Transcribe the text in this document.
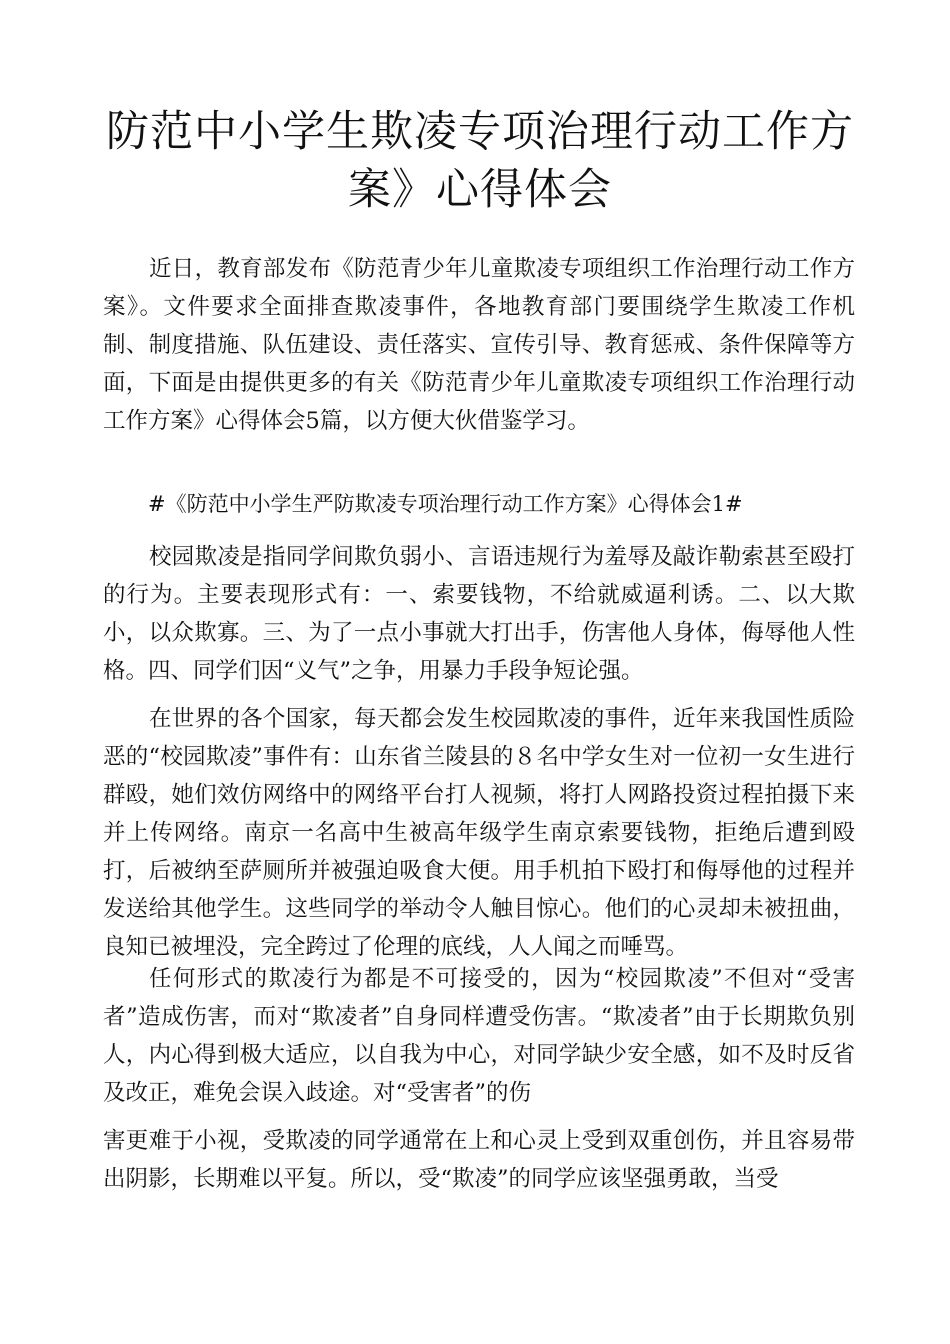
防范中小学生欺凌专项治理行动工作方
案》心得体会

近日，教育部发布《防范青少年儿童欺凌专项组织工作治理行动工作方案》。文件要求全面排查欺凌事件，各地教育部门要围绕学生欺凌工作机制、制度措施、队伍建设、责任落实、宣传引导、教育惩戒、条件保障等方面，下面是由提供更多的有关《防范青少年儿童欺凌专项组织工作治理行动工作方案》心得体会5篇，以方便大伙借鉴学习。

#《防范中小学生严防欺凌专项治理行动工作方案》心得体会1#

校园欺凌是指同学间欺负弱小、言语违规行为羞辱及敲诈勒索甚至殴打的行为。主要表现形式有：一、索要钱物，不给就威逼利诱。二、以大欺小，以众欺寡。三、为了一点小事就大打出手，伤害他人身体，侮辱他人性格。四、同学们因“义气”之争，用暴力手段争短论强。

在世界的各个国家，每天都会发生校园欺凌的事件，近年来我国性质险恶的“校园欺凌”事件有：山东省兰陵县的８名中学女生对一位初一女生进行群殴，她们效仿网络中的网络平台打人视频，将打人网路投资过程拍摄下来并上传网络。南京一名高中生被高年级学生南京索要钱物，拒绝后遭到殴打，后被纳至萨厕所并被强迫吸食大便。用手机拍下殴打和侮辱他的过程并发送给其他学生。这些同学的举动令人触目惊心。他们的心灵却未被扭曲，良知已被埋没，完全跨过了伦理的底线，人人闻之而唾骂。

任何形式的欺凌行为都是不可接受的，因为“校园欺凌”不但对“受害者”造成伤害，而对“欺凌者”自身同样遭受伤害。“欺凌者”由于长期欺负别人，内心得到极大适应，以自我为中心，对同学缺少安全感，如不及时反省及改正，难免会误入歧途。对“受害者”的伤

害更难于小视，受欺凌的同学通常在上和心灵上受到双重创伤，并且容易带出阴影，长期难以平复。所以，受“欺凌”的同学应该坚强勇敢，当受
